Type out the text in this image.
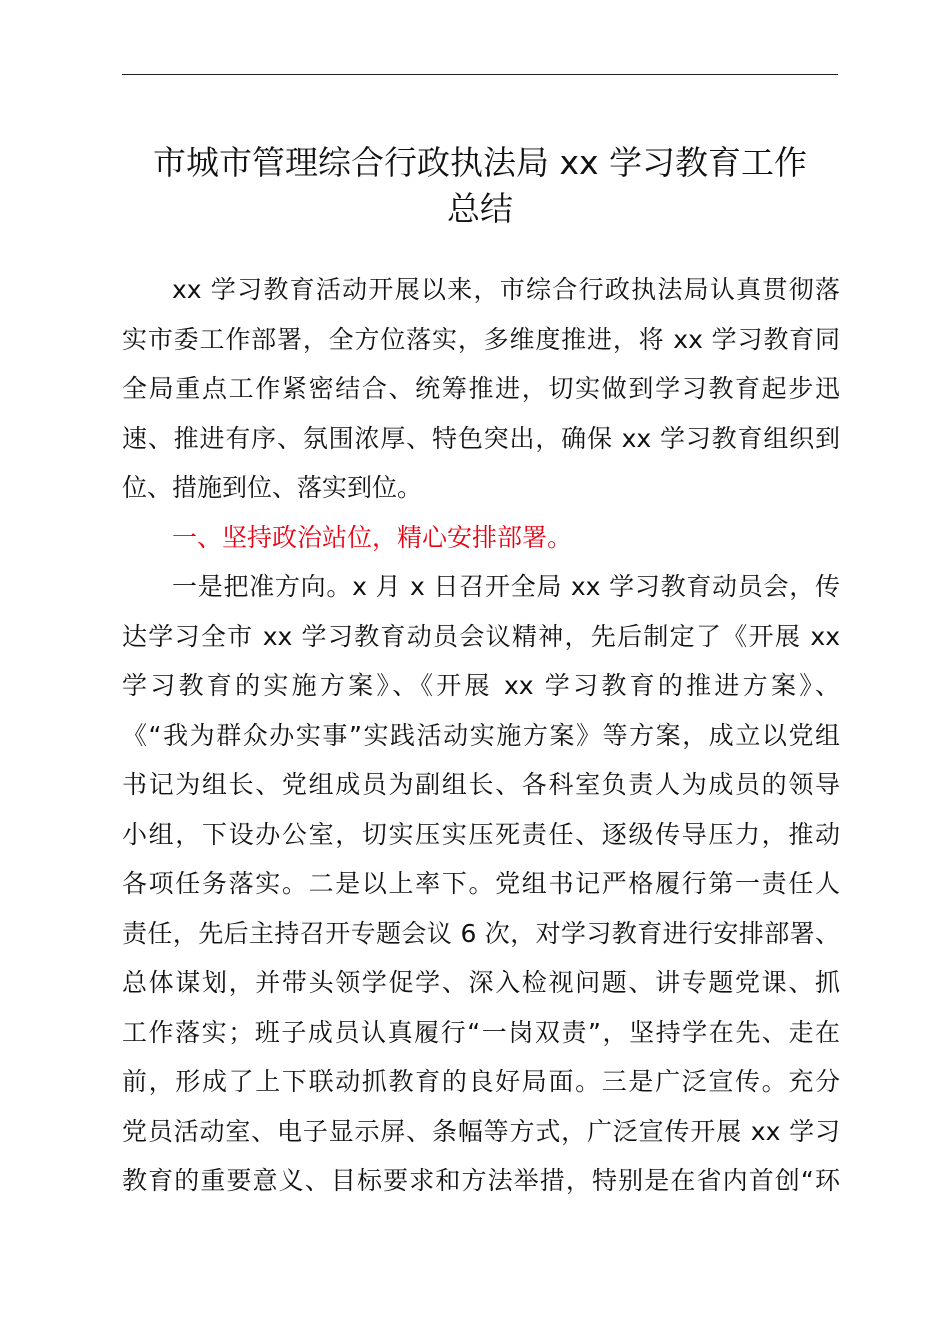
市城市管理综合行政执法局 xx 学习教育工作
总结
xx 学习教育活动开展以来，市综合行政执法局认真贯彻落
实市委工作部署，全方位落实，多维度推进，将 xx 学习教育同
全局重点工作紧密结合、统筹推进，切实做到学习教育起步迅
速、推进有序、氛围浓厚、特色突出，确保 xx 学习教育组织到
位、措施到位、落实到位。
一、坚持政治站位，精心安排部署。
一是把准方向。x 月 x 日召开全局 xx 学习教育动员会，传
达学习全市 xx 学习教育动员会议精神，先后制定了《开展 xx
学习教育的实施方案》、《开展 xx 学习教育的推进方案》、
《“我为群众办实事”实践活动实施方案》等方案，成立以党组
书记为组长、党组成员为副组长、各科室负责人为成员的领导
小组，下设办公室，切实压实压死责任、逐级传导压力，推动
各项任务落实。二是以上率下。党组书记严格履行第一责任人
责任，先后主持召开专题会议 6 次，对学习教育进行安排部署、
总体谋划，并带头领学促学、深入检视问题、讲专题党课、抓
工作落实；班子成员认真履行“一岗双责”，坚持学在先、走在
前，形成了上下联动抓教育的良好局面。三是广泛宣传。充分
党员活动室、电子显示屏、条幅等方式，广泛宣传开展 xx 学习
教育的重要意义、目标要求和方法举措，特别是在省内首创“环
